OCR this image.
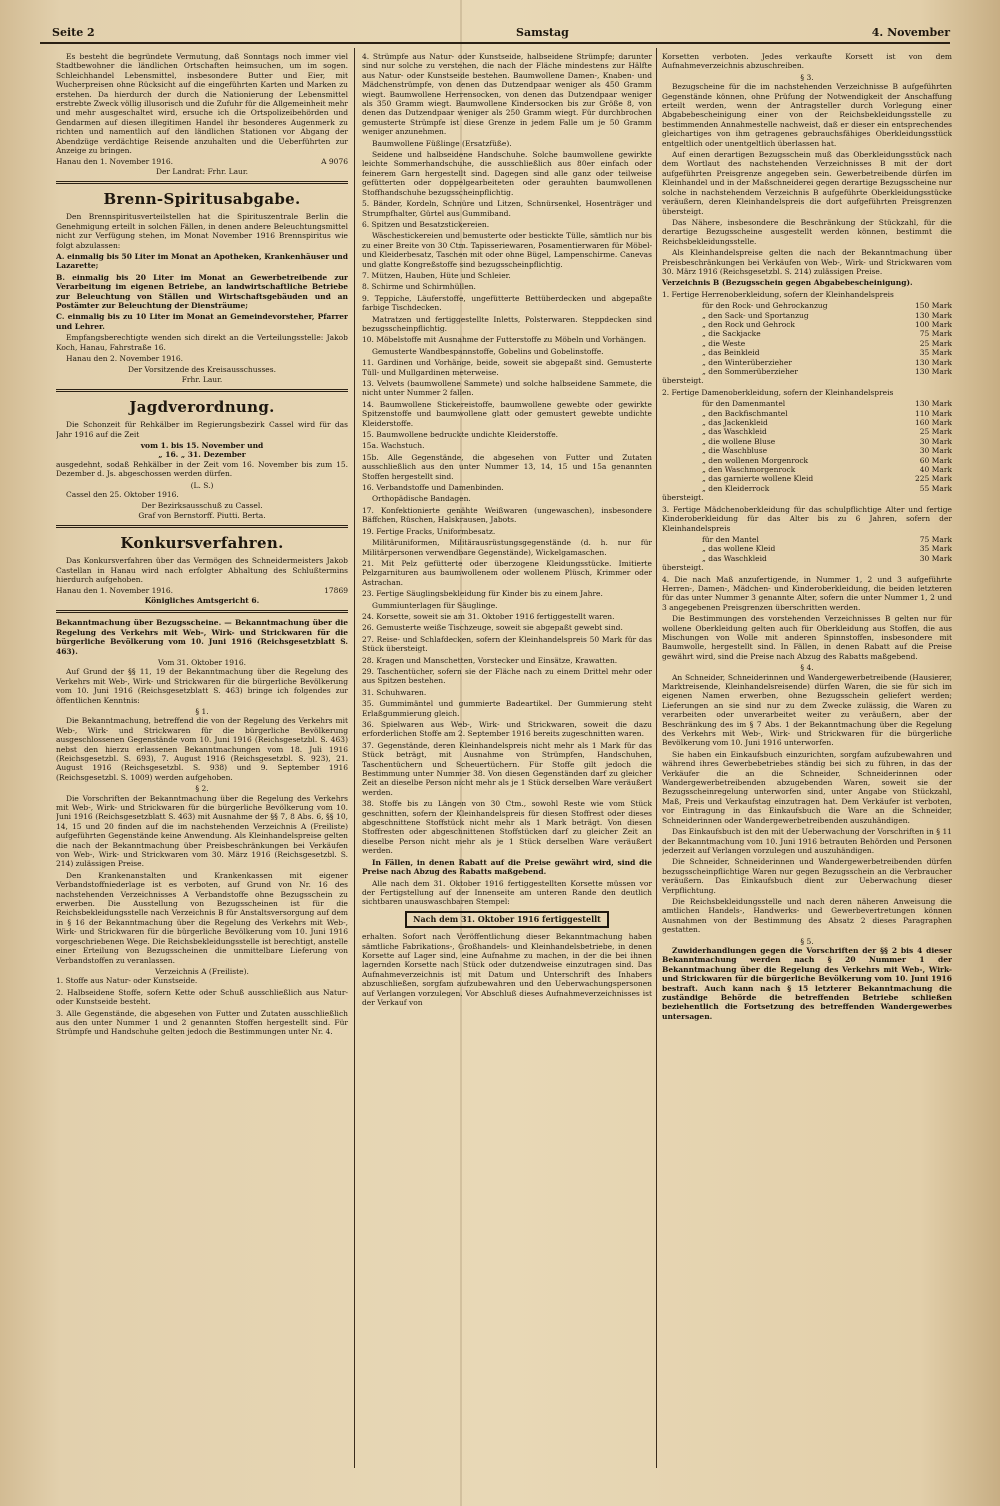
Seite 2	Samstag	4. November

Es besteht die begründete Vermutung, daß Sonntags noch immer viel Stadtbewohner die ländlichen Ortschaften heimsuchen, um im sogen. Schleichhandel Lebensmittel, insbesondere Butter und Eier, mit Wucherpreisen ohne Rücksicht auf die eingeführten Karten und Marken zu erstehen. Da hierdurch der durch die Nationierung der Lebensmittel erstrebte Zweck völlig illusorisch und die Zufuhr für die Allgemeinheit mehr und mehr ausgeschaltet wird, ersuche ich die Ortspolizeibehörden und Gendarmen auf diesen illegitimen Handel ihr besonderes Augenmerk zu richten und namentlich auf den ländlichen Stationen vor Abgang der Abendzüge verdächtige Reisende anzuhalten und die Ueberführten zur Anzeige zu bringen.

Hanau den 1. November 1916.	A 9076
Der Landrat: Frhr. Laur.
Brenn-Spiritusabgabe.

Den Brennspiritusverteilstellen hat die Spirituszentrale Berlin die Genehmigung erteilt in solchen Fällen, in denen andere Beleuchtungsmittel nicht zur Verfügung stehen, im Monat November 1916 Brennspiritus wie folgt abzulassen:

A. einmalig bis 50 Liter im Monat an Apotheken, Krankenhäuser und Lazarette;

B. einmalig bis 20 Liter im Monat an Gewerbetreibende zur Verarbeitung im eigenen Betriebe, an landwirtschaftliche Betriebe zur Beleuchtung von Ställen und Wirtschaftsgebäuden und an Postämter zur Beleuchtung der Diensträume;

C. einmalig bis zu 10 Liter im Monat an Gemeindevorsteher, Pfarrer und Lehrer.

Empfangsberechtigte wenden sich direkt an die Verteilungsstelle: Jakob Koch, Hanau, Fahrstraße 16.

Hanau den 2. November 1916.

Der Vorsitzende des Kreisausschusses.
Frhr. Laur.
Jagdverordnung.

Die Schonzeit für Rehkälber im Regierungsbezirk Cassel wird für das Jahr 1916 auf die Zeit

vom 1. bis 15. November und
„ 16. „ 31. Dezember

ausgedehnt, sodaß Rehkälber in der Zeit vom 16. November bis zum 15. Dezember d. Js. abgeschossen werden dürfen.

(L. S.)

Cassel den 25. Oktober 1916.

Der Bezirksausschuß zu Cassel.
Graf von Bernstorff. Piutti. Berta.
Konkursverfahren.

Das Konkursverfahren über das Vermögen des Schneidermeisters Jakob Castellan in Hanau wird nach erfolgter Abhaltung des Schlußtermins hierdurch aufgehoben.

Hanau den 1. November 1916.	17869
Königliches Amtsgericht 6.

Bekanntmachung über Bezugsscheine. — Bekanntmachung über die Regelung des Verkehrs mit Web-, Wirk- und Strickwaren für die bürgerliche Bevölkerung vom 10. Juni 1916 (Reichsgesetzblatt S. 463).

Vom 31. Oktober 1916.

Auf Grund der §§ 11, 19 der Bekanntmachung über die Regelung des Verkehrs mit Web-, Wirk- und Strickwaren für die bürgerliche Bevölkerung vom 10. Juni 1916 (Reichsgesetzblatt S. 463) bringe ich folgendes zur öffentlichen Kenntnis:

§ 1.

Die Bekanntmachung, betreffend die von der Regelung des Verkehrs mit Web-, Wirk- und Strickwaren für die bürgerliche Bevölkerung ausgeschlossenen Gegenstände vom 10. Juni 1916 (Reichsgesetzbl. S. 463) nebst den hierzu erlassenen Bekanntmachungen vom 18. Juli 1916 (Reichsgesetzbl. S. 693), 7. August 1916 (Reichsgesetzbl. S. 923), 21. August 1916 (Reichsgesetzbl. S. 938) und 9. September 1916 (Reichsgesetzbl. S. 1009) werden aufgehoben.

§ 2.

Die Vorschriften der Bekanntmachung über die Regelung des Verkehrs mit Web-, Wirk- und Strickwaren für die bürgerliche Bevölkerung vom 10. Juni 1916 (Reichsgesetzblatt S. 463) mit Ausnahme der §§ 7, 8 Abs. 6, §§ 10, 14, 15 und 20 finden auf die im nachstehenden Verzeichnis A (Freiliste) aufgeführten Gegenstände keine Anwendung. Als Kleinhandelspreise gelten die nach der Bekanntmachung über Preisbeschränkungen bei Verkäufen von Web-, Wirk- und Strickwaren vom 30. März 1916 (Reichsgesetzbl. S. 214) zulässigen Preise.

Den Krankenanstalten und Krankenkassen mit eigener Verbandstoffniederlage ist es verboten, auf Grund von Nr. 16 des nachstehenden Verzeichnisses A Verbandstoffe ohne Bezugsschein zu erwerben. Die Ausstellung von Bezugsscheinen ist für die Reichsbekleidungsstelle nach Verzeichnis B für Anstaltsversorgung auf dem in § 16 der Bekanntmachung über die Regelung des Verkehrs mit Web-, Wirk- und Strickwaren für die bürgerliche Bevölkerung vom 10. Juni 1916 vorgeschriebenen Wege. Die Reichsbekleidungsstelle ist berechtigt, anstelle einer Erteilung von Bezugsscheinen die unmittelbare Lieferung von Verbandstoffen zu veranlassen.

Verzeichnis A (Freiliste).

1. Stoffe aus Natur- oder Kunstseide.

2. Halbseidene Stoffe, sofern Kette oder Schuß ausschließlich aus Natur- oder Kunstseide besteht.

3. Alle Gegenstände, die abgesehen von Futter und Zutaten ausschließlich aus den unter Nummer 1 und 2 genannten Stoffen hergestellt sind. Für Strümpfe und Handschuhe gelten jedoch die Bestimmungen unter Nr. 4.

4. Strümpfe aus Natur- oder Kunstseide, halbseidene Strümpfe; darunter sind nur solche zu verstehen, die nach der Fläche mindestens zur Hälfte aus Natur- oder Kunstseide bestehen. Baumwollene Damen-, Knaben- und Mädchenstrümpfe, von denen das Dutzendpaar weniger als 450 Gramm wiegt. Baumwollene Herrensocken, von denen das Dutzendpaar weniger als 350 Gramm wiegt. Baumwollene Kindersocken bis zur Größe 8, von denen das Dutzendpaar weniger als 250 Gramm wiegt. Für durchbrochen gemusterte Strümpfe ist diese Grenze in jedem Falle um je 50 Gramm weniger anzunehmen.

Baumwollene Füßlinge (Ersatzfüße).

Seidene und halbseidene Handschuhe. Solche baumwollene gewirkte leichte Sommerhandschuhe, die ausschließlich aus 80er einfach oder feinerem Garn hergestellt sind. Dagegen sind alle ganz oder teilweise gefütterten oder doppelgearbeiteten oder gerauhten baumwollenen Stoffhandschuhe bezugsscheinpflichtig.

5. Bänder, Kordeln, Schnüre und Litzen, Schnürsenkel, Hosenträger und Strumpfhalter, Gürtel aus Gummiband.

6. Spitzen und Besatzstickereien.

Wäschestickereien und bemusterte oder bestickte Tülle, sämtlich nur bis zu einer Breite von 30 Ctm. Tapisseriewaren, Posamentierwaren für Möbel- und Kleiderbesatz, Taschen mit oder ohne Bügel, Lampenschirme. Canevas und glatte Kongreßstoffe sind bezugsscheinpflichtig.

7. Mützen, Hauben, Hüte und Schleier.

8. Schirme und Schirmhüllen.

9. Teppiche, Läuferstoffe, ungefütterte Bettüberdecken und abgepaßte farbige Tischdecken.

Matratzen und fertiggestellte Inletts, Polsterwaren. Steppdecken sind bezugsscheinpflichtig.

10. Möbelstoffe mit Ausnahme der Futterstoffe zu Möbeln und Vorhängen.

Gemusterte Wandbespannstoffe, Gobelins und Gobelinstoffe.

11. Gardinen und Vorhänge, beide, soweit sie abgepaßt sind. Gemusterte Tüll- und Mullgardinen meterweise.

13. Velvets (baumwollene Sammete) und solche halbseidene Sammete, die nicht unter Nummer 2 fallen.

14. Baumwollene Stickereistoffe, baumwollene gewebte oder gewirkte Spitzenstoffe und baumwollene glatt oder gemustert gewebte undichte Kleiderstoffe.

15. Baumwollene bedruckte undichte Kleiderstoffe.

15a. Wachstuch.

15b. Alle Gegenstände, die abgesehen von Futter und Zutaten ausschließlich aus den unter Nummer 13, 14, 15 und 15a genannten Stoffen hergestellt sind.

16. Verbandstoffe und Damenbinden.

Orthopädische Bandagen.

17. Konfektionierte genähte Weißwaren (ungewaschen), insbesondere Bäffchen, Rüschen, Halskrausen, Jabots.

19. Fertige Fracks, Uniformbesatz.

Militäruniformen, Militärausrüstungsgegenstände (d. h. nur für Militärpersonen verwendbare Gegenstände), Wickelgamaschen.

21. Mit Pelz gefütterte oder überzogene Kleidungsstücke. Imitierte Pelzgarnituren aus baumwollenem oder wollenem Plüsch, Krimmer oder Astrachan.

23. Fertige Säuglingsbekleidung für Kinder bis zu einem Jahre.

Gummiunterlagen für Säuglinge.

24. Korsette, soweit sie am 31. Oktober 1916 fertiggestellt waren.

26. Gemusterte weiße Tischzeuge, soweit sie abgepaßt gewebt sind.

27. Reise- und Schlafdecken, sofern der Kleinhandelspreis 50 Mark für das Stück übersteigt.

28. Kragen und Manschetten, Vorstecker und Einsätze, Krawatten.

29. Taschentücher, sofern sie der Fläche nach zu einem Drittel mehr oder aus Spitzen bestehen.

31. Schuhwaren.

35. Gummimäntel und gummierte Badeartikel. Der Gummierung steht Erlaßgummierung gleich.

36. Spielwaren aus Web-, Wirk- und Strickwaren, soweit die dazu erforderlichen Stoffe am 2. September 1916 bereits zugeschnitten waren.

37. Gegenstände, deren Kleinhandelspreis nicht mehr als 1 Mark für das Stück beträgt, mit Ausnahme von Strümpfen, Handschuhen, Taschentüchern und Scheuertüchern. Für Stoffe gilt jedoch die Bestimmung unter Nummer 38. Von diesen Gegenständen darf zu gleicher Zeit an dieselbe Person nicht mehr als je 1 Stück derselben Ware veräußert werden.

38. Stoffe bis zu Längen von 30 Ctm., sowohl Reste wie vom Stück geschnitten, sofern der Kleinhandelspreis für diesen Stoffrest oder dieses abgeschnittene Stoffstück nicht mehr als 1 Mark beträgt. Von diesen Stoffresten oder abgeschnittenen Stoffstücken darf zu gleicher Zeit an dieselbe Person nicht mehr als je 1 Stück derselben Ware veräußert werden.

In Fällen, in denen Rabatt auf die Preise gewährt wird, sind die Preise nach Abzug des Rabatts maßgebend.

Alle nach dem 31. Oktober 1916 fertiggestellten Korsette müssen vor der Fertigstellung auf der Innenseite am unteren Rande den deutlich sichtbaren unauswaschbaren Stempel:

Nach dem 31. Oktober 1916 fertiggestellt

erhalten. Sofort nach Veröffentlichung dieser Bekanntmachung haben sämtliche Fabrikations-, Großhandels- und Kleinhandelsbetriebe, in denen Korsette auf Lager sind, eine Aufnahme zu machen, in der die bei ihnen lagernden Korsette nach Stück oder dutzendweise einzutragen sind. Das Aufnahmeverzeichnis ist mit Datum und Unterschrift des Inhabers abzuschließen, sorgfam aufzubewahren und den Ueberwachungspersonen auf Verlangen vorzulegen. Vor Abschluß dieses Aufnahmeverzeichnisses ist der Verkauf von

Korsetten verboten. Jedes verkaufte Korsett ist von dem Aufnahmeverzeichnis abzuschreiben.

§ 3.

Bezugscheine für die im nachstehenden Verzeichnisse B aufgeführten Gegenstände können, ohne Prüfung der Notwendigkeit der Anschaffung erteilt werden, wenn der Antragsteller durch Vorlegung einer Abgabebescheinigung einer von der Reichsbekleidungsstelle zu bestimmenden Annahmestelle nachweist, daß er dieser ein entsprechendes gleichartiges von ihm getragenes gebrauchsfähiges Oberkleidungsstück entgeltlich oder unentgeltlich überlassen hat.

Auf einen derartigen Bezugsschein muß das Oberkleidungsstück nach dem Wortlaut des nachstehenden Verzeichnisses B mit der dort aufgeführten Preisgrenze angegeben sein. Gewerbetreibende dürfen im Kleinhandel und in der Maßschneiderei gegen derartige Bezugsscheine nur solche in nachstehendem Verzeichnis B aufgeführte Oberkleidungsstücke veräußern, deren Kleinhandelspreis die dort aufgeführten Preisgrenzen übersteigt.

Das Nähere, insbesondere die Beschränkung der Stückzahl, für die derartige Bezugsscheine ausgestellt werden können, bestimmt die Reichsbekleidungsstelle.

Als Kleinhandelspreise gelten die nach der Bekanntmachung über Preisbeschränkungen bei Verkäufen von Web-, Wirk- und Strickwaren vom 30. März 1916 (Reichsgesetzbl. S. 214) zulässigen Preise.

Verzeichnis B (Bezugsschein gegen Abgabebescheinigung).

1. Fertige Herrenoberkleidung, sofern der Kleinhandelspreis

für den Rock- und Gehrockanzug	150 Mark
„ den Sack- und Sportanzug	130 Mark
„ den Rock und Gehrock	100 Mark
„ die Sackjacke	75 Mark
„ die Weste	25 Mark
„ das Beinkleid	35 Mark
„ den Winterüberzieher	130 Mark
„ den Sommerüberzieher	130 Mark

übersteigt.

2. Fertige Damenoberkleidung, sofern der Kleinhandelspreis

für den Damenmantel	130 Mark
„ den Backfischmantel	110 Mark
„ das Jackenkleid	160 Mark
„ das Waschkleid	25 Mark
„ die wollene Bluse	30 Mark
„ die Waschbluse	30 Mark
„ den wollenen Morgenrock	60 Mark
„ den Waschmorgenrock	40 Mark
„ das garnierte wollene Kleid	225 Mark
„ den Kleiderrock	55 Mark

übersteigt.

3. Fertige Mädchenoberkleidung für das schulpflichtige Alter und fertige Kinderoberkleidung für das Alter bis zu 6 Jahren, sofern der Kleinhandelspreis

für den Mantel	75 Mark
„ das wollene Kleid	35 Mark
„ das Waschkleid	30 Mark

übersteigt.

4. Die nach Maß anzufertigende, in Nummer 1, 2 und 3 aufgeführte Herren-, Damen-, Mädchen- und Kinderoberkleidung, die beiden letzteren für das unter Nummer 3 genannte Alter, sofern die unter Nummer 1, 2 und 3 angegebenen Preisgrenzen überschritten werden.

Die Bestimmungen des vorstehenden Verzeichnisses B gelten nur für wollene Oberkleidung gelten auch für Oberkleidung aus Stoffen, die aus Mischungen von Wolle mit anderen Spinnstoffen, insbesondere mit Baumwolle, hergestellt sind. In Fällen, in denen Rabatt auf die Preise gewährt wird, sind die Preise nach Abzug des Rabatts maßgebend.

§ 4.

An Schneider, Schneiderinnen und Wandergewerbetreibende (Hausierer, Marktreisende, Kleinhandelsreisende) dürfen Waren, die sie für sich im eigenen Namen erwerben, ohne Bezugsschein geliefert werden; Lieferungen an sie sind nur zu dem Zwecke zulässig, die Waren zu verarbeiten oder unverarbeitet weiter zu veräußern, aber der Beschränkung des im § 7 Abs. 1 der Bekanntmachung über die Regelung des Verkehrs mit Web-, Wirk- und Strickwaren für die bürgerliche Bevölkerung vom 10. Juni 1916 unterworfen.

Sie haben ein Einkaufsbuch einzurichten, sorgfam aufzubewahren und während ihres Gewerbebetriebes ständig bei sich zu führen, in das der Verkäufer die an die Schneider, Schneiderinnen oder Wandergewerbetreibenden abzugebenden Waren, soweit sie der Bezugsscheinregelung unterworfen sind, unter Angabe von Stückzahl, Maß, Preis und Verkaufstag einzutragen hat. Dem Verkäufer ist verboten, vor Eintragung in das Einkaufsbuch die Ware an die Schneider, Schneiderinnen oder Wandergewerbetreibenden auszuhändigen.

Das Einkaufsbuch ist den mit der Ueberwachung der Vorschriften in § 11 der Bekanntmachung vom 10. Juni 1916 betrauten Behörden und Personen jederzeit auf Verlangen vorzulegen und auszuhändigen.

Die Schneider, Schneiderinnen und Wandergewerbetreibenden dürfen bezugsscheinpflichtige Waren nur gegen Bezugsschein an die Verbraucher veräußern. Das Einkaufsbuch dient zur Ueberwachung dieser Verpflichtung.

Die Reichsbekleidungsstelle und nach deren näheren Anweisung die amtlichen Handels-, Handwerks- und Gewerbevertretungen können Ausnahmen von der Bestimmung des Absatz 2 dieses Paragraphen gestatten.

§ 5.

Zuwiderhandlungen gegen die Vorschriften der §§ 2 bis 4 dieser Bekanntmachung werden nach § 20 Nummer 1 der Bekanntmachung über die Regelung des Verkehrs mit Web-, Wirk- und Strickwaren für die bürgerliche Bevölkerung vom 10. Juni 1916 bestraft. Auch kann nach § 15 letzterer Bekanntmachung die zuständige Behörde die betreffenden Betriebe schließen beziehentlich die Fortsetzung des betreffenden Wandergewerbes untersagen.
